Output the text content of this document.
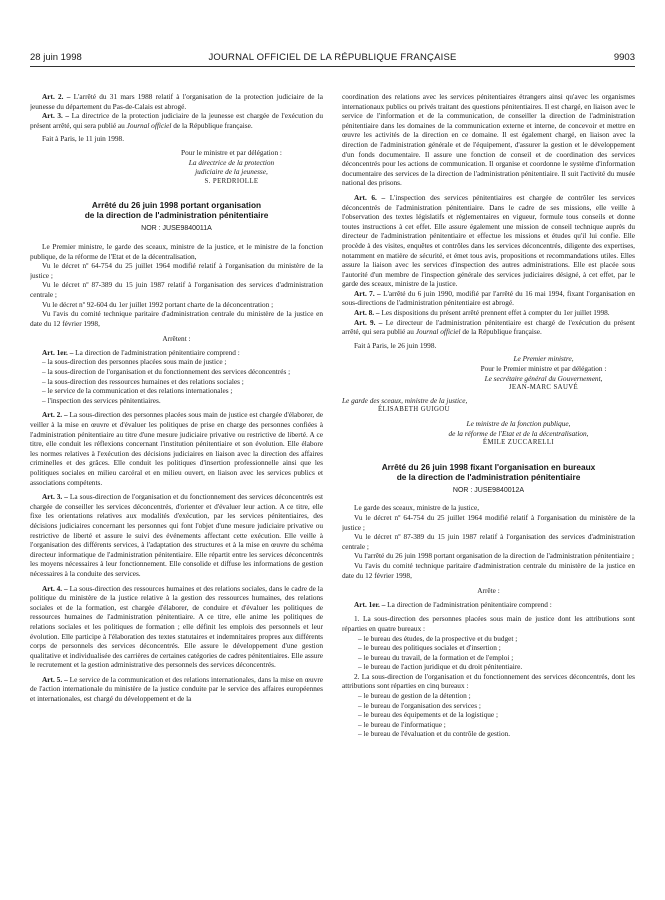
28 juin 1998	JOURNAL OFFICIEL DE LA RÉPUBLIQUE FRANÇAISE	9903

Art. 2. – L'arrêté du 31 mars 1988 relatif à l'organisation de la protection judiciaire de la jeunesse du département du Pas-de-Calais est abrogé.

Art. 3. – La directrice de la protection judiciaire de la jeunesse est chargée de l'exécution du présent arrêté, qui sera publié au Journal officiel de la République française.

Fait à Paris, le 11 juin 1998.

Pour le ministre et par délégation :
La directrice de la protection
judiciaire de la jeunesse,
S. PERDRIOLLE
Arrêté du 26 juin 1998 portant organisation
de la direction de l'administration pénitentiaire
NOR : JUSE9840011A

Le Premier ministre, le garde des sceaux, ministre de la justice, et le ministre de la fonction publique, de la réforme de l'Etat et de la décentralisation,

Vu le décret nº 64-754 du 25 juillet 1964 modifié relatif à l'organisation du ministère de la justice ;

Vu le décret nº 87-389 du 15 juin 1987 relatif à l'organisation des services d'administration centrale ;

Vu le décret nº 92-604 du 1er juillet 1992 portant charte de la déconcentration ;

Vu l'avis du comité technique paritaire d'administration centrale du ministère de la justice en date du 12 février 1998,

Arrêtent :

Art. 1er. – La direction de l'administration pénitentiaire comprend :

– la sous-direction des personnes placées sous main de justice ;

– la sous-direction de l'organisation et du fonctionnement des services déconcentrés ;

– la sous-direction des ressources humaines et des relations sociales ;

– le service de la communication et des relations internationales ;

– l'inspection des services pénitentiaires.

Art. 2. – La sous-direction des personnes placées sous main de justice est chargée d'élaborer, de veiller à la mise en œuvre et d'évaluer les politiques de prise en charge des personnes confiées à l'administration pénitentiaire au titre d'une mesure judiciaire privative ou restrictive de liberté. A ce titre, elle conduit les réflexions concernant l'institution pénitentiaire et son évolution. Elle élabore les normes relatives à l'exécution des décisions judiciaires en liaison avec la direction des affaires criminelles et des grâces. Elle conduit les politiques d'insertion professionnelle ainsi que les politiques sociales en milieu carcéral et en milieu ouvert, en liaison avec les services publics et associations compétents.

Art. 3. – La sous-direction de l'organisation et du fonctionnement des services déconcentrés est chargée de conseiller les services déconcentrés, d'orienter et d'évaluer leur action. A ce titre, elle fixe les orientations relatives aux modalités d'exécution, par les services pénitentiaires, des décisions judiciaires concernant les personnes qui font l'objet d'une mesure judiciaire privative ou restrictive de liberté et assure le suivi des événements affectant cette exécution. Elle veille à l'organisation des différents services, à l'adaptation des structures et à la mise en œuvre du schéma directeur informatique de l'administration pénitentiaire. Elle répartit entre les services déconcentrés les moyens nécessaires à leur fonctionnement. Elle consolide et diffuse les informations de gestion nécessaires à la conduite des services.

Art. 4. – La sous-direction des ressources humaines et des relations sociales, dans le cadre de la politique du ministère de la justice relative à la gestion des ressources humaines, des relations sociales et de la formation, est chargée d'élaborer, de conduire et d'évaluer les politiques de ressources humaines de l'administration pénitentiaire. A ce titre, elle anime les politiques de relations sociales et les politiques de formation ; elle définit les emplois des personnels et leur évolution. Elle participe à l'élaboration des textes statutaires et indemnitaires propres aux différents corps de personnels des services déconcentrés. Elle assure le développement d'une gestion qualitative et individualisée des carrières de certaines catégories de cadres pénitentiaires. Elle assure le recrutement et la gestion administrative des personnels des services déconcentrés.

Art. 5. – Le service de la communication et des relations internationales, dans la mise en œuvre de l'action internationale du ministère de la justice conduite par le service des affaires européennes et internationales, est chargé du développement et de la

coordination des relations avec les services pénitentiaires étrangers ainsi qu'avec les organismes internationaux publics ou privés traitant des questions pénitentiaires. Il est chargé, en liaison avec le service de l'information et de la communication, de conseiller la direction de l'administration pénitentiaire dans les domaines de la communication externe et interne, de concevoir et mettre en œuvre les activités de la direction en ce domaine. Il est également chargé, en liaison avec la direction de l'administration générale et de l'équipement, d'assurer la gestion et le développement d'un fonds documentaire. Il assure une fonction de conseil et de coordination des services déconcentrés pour les actions de communication. Il organise et coordonne le système d'information documentaire des services de la direction de l'administration pénitentiaire. Il suit l'activité du musée national des prisons.

Art. 6. – L'inspection des services pénitentiaires est chargée de contrôler les services déconcentrés de l'administration pénitentiaire. Dans le cadre de ses missions, elle veille à l'observation des textes législatifs et réglementaires en vigueur, formule tous conseils et donne toutes instructions à cet effet. Elle assure également une mission de conseil technique auprès du directeur de l'administration pénitentiaire et effectue les missions et études qu'il lui confie. Elle procède à des visites, enquêtes et contrôles dans les services déconcentrés, diligente des expertises, notamment en matière de sécurité, et émet tous avis, propositions et recommandations utiles. Elles assure la liaison avec les services d'inspection des autres administrations. Elle est placée sous l'autorité d'un membre de l'inspection générale des services judiciaires désigné, à cet effet, par le garde des sceaux, ministre de la justice.

Art. 7. – L'arrêté du 6 juin 1990, modifié par l'arrêté du 16 mai 1994, fixant l'organisation en sous-directions de l'administration pénitentiaire est abrogé.

Art. 8. – Les dispositions du présent arrêté prennent effet à compter du 1er juillet 1998.

Art. 9. – Le directeur de l'administration pénitentiaire est chargé de l'exécution du présent arrêté, qui sera publié au Journal officiel de la République française.

Fait à Paris, le 26 juin 1998.

Le Premier ministre,
Pour le Premier ministre et par délégation :
Le secrétaire général du Gouvernement,
JEAN-MARC SAUVÉ
Le garde des sceaux, ministre de la justice,
ÉLISABETH GUIGOU
Le ministre de la fonction publique,
de la réforme de l'Etat et de la décentralisation,
ÉMILE ZUCCARELLI
Arrêté du 26 juin 1998 fixant l'organisation en bureaux
de la direction de l'administration pénitentiaire
NOR : JUSE9840012A

Le garde des sceaux, ministre de la justice,

Vu le décret nº 64-754 du 25 juillet 1964 modifié relatif à l'organisation du ministère de la justice ;

Vu le décret nº 87-389 du 15 juin 1987 relatif à l'organisation des services d'administration centrale ;

Vu l'arrêté du 26 juin 1998 portant organisation de la direction de l'administration pénitentiaire ;

Vu l'avis du comité technique paritaire d'administration centrale du ministère de la justice en date du 12 février 1998,

Arrête :

Art. 1er. – La direction de l'administration pénitentiaire comprend :

1. La sous-direction des personnes placées sous main de justice dont les attributions sont réparties en quatre bureaux :

– le bureau des études, de la prospective et du budget ;

– le bureau des politiques sociales et d'insertion ;

– le bureau du travail, de la formation et de l'emploi ;

– le bureau de l'action juridique et du droit pénitentiaire.

2. La sous-direction de l'organisation et du fonctionnement des services déconcentrés, dont les attributions sont réparties en cinq bureaux :

– le bureau de gestion de la détention ;

– le bureau de l'organisation des services ;

– le bureau des équipements et de la logistique ;

– le bureau de l'informatique ;

– le bureau de l'évaluation et du contrôle de gestion.
